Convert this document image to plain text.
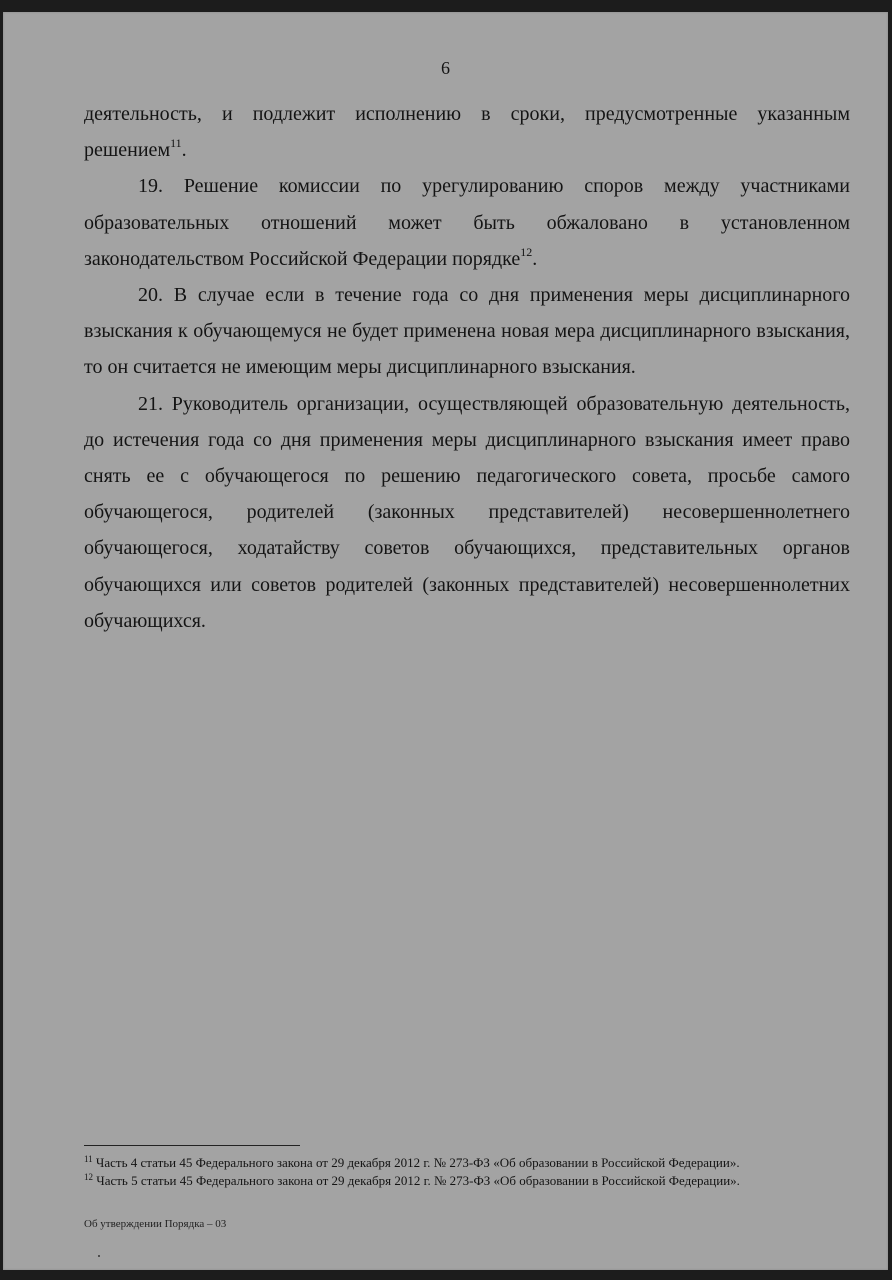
6

деятельность, и подлежит исполнению в сроки, предусмотренные указанным решением$^{11}$.

19. Решение комиссии по урегулированию споров между участниками образовательных отношений может быть обжаловано в установленном законодательством Российской Федерации порядке$^{12}$.

20. В случае если в течение года со дня применения меры дисциплинарного взыскания к обучающемуся не будет применена новая мера дисциплинарного взыскания, то он считается не имеющим меры дисциплинарного взыскания.

21. Руководитель организации, осуществляющей образовательную деятельность, до истечения года со дня применения меры дисциплинарного взыскания имеет право снять ее с обучающегося по решению педагогического совета, просьбе самого обучающегося, родителей (законных представителей) несовершеннолетнего обучающегося, ходатайству советов обучающихся, представительных органов обучающихся или советов родителей (законных представителей) несовершеннолетних обучающихся.

$^{11}$ Часть 4 статьи 45 Федерального закона от 29 декабря 2012 г. № 273-ФЗ «Об образовании в Российской Федерации».

$^{12}$ Часть 5 статьи 45 Федерального закона от 29 декабря 2012 г. № 273-ФЗ «Об образовании в Российской Федерации».

Об утверждении Порядка – 03
